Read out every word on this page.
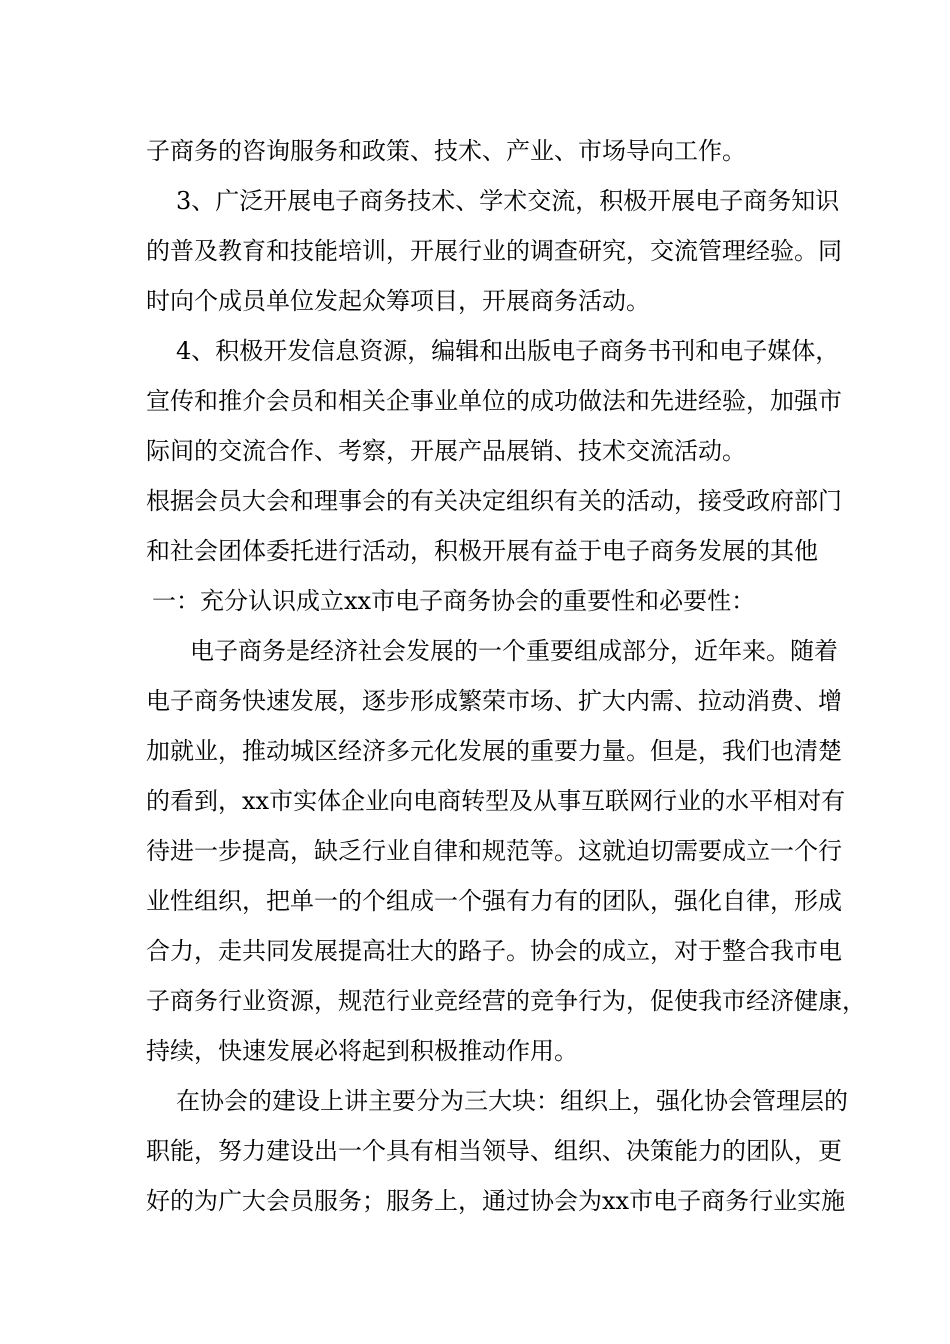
子商务的咨询服务和政策、技术、产业、市场导向工作。
3、广泛开展电子商务技术、学术交流，积极开展电子商务知识
的普及教育和技能培训，开展行业的调查研究，交流管理经验。同
时向个成员单位发起众筹项目，开展商务活动。
4、积极开发信息资源，编辑和出版电子商务书刊和电子媒体，
宣传和推介会员和相关企事业单位的成功做法和先进经验，加强市
际间的交流合作、考察，开展产品展销、技术交流活动。
根据会员大会和理事会的有关决定组织有关的活动，接受政府部门
和社会团体委托进行活动，积极开展有益于电子商务发展的其他
一：充分认识成立xx市电子商务协会的重要性和必要性：
电子商务是经济社会发展的一个重要组成部分，近年来。随着
电子商务快速发展，逐步形成繁荣市场、扩大内需、拉动消费、增
加就业，推动城区经济多元化发展的重要力量。但是，我们也清楚
的看到，xx市实体企业向电商转型及从事互联网行业的水平相对有
待进一步提高，缺乏行业自律和规范等。这就迫切需要成立一个行
业性组织，把单一的个组成一个强有力有的团队，强化自律，形成
合力，走共同发展提高壮大的路子。协会的成立，对于整合我市电
子商务行业资源，规范行业竞经营的竞争行为，促使我市经济健康，
持续，快速发展必将起到积极推动作用。
在协会的建设上讲主要分为三大块：组织上，强化协会管理层的
职能，努力建设出一个具有相当领导、组织、决策能力的团队，更
好的为广大会员服务；服务上，通过协会为xx市电子商务行业实施
